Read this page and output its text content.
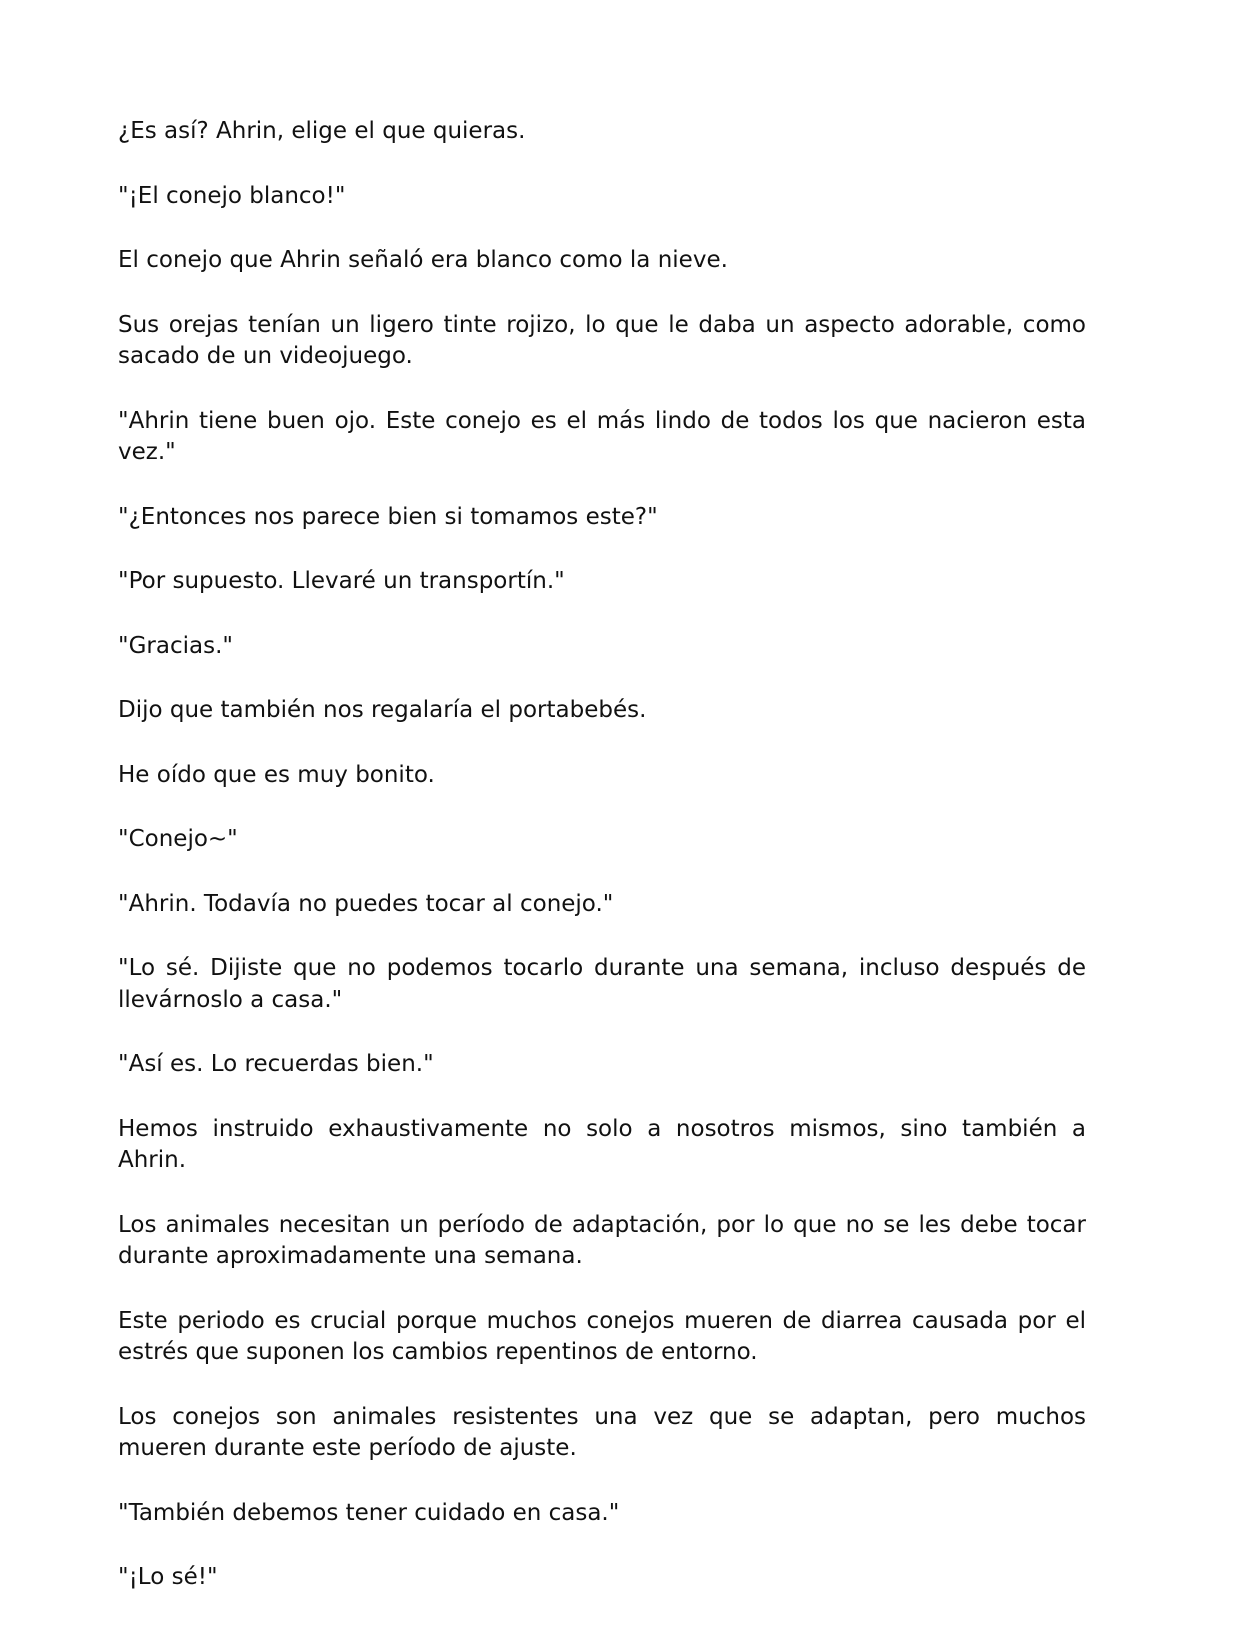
¿Es así? Ahrin, elige el que quieras.

"¡El conejo blanco!"

El conejo que Ahrin señaló era blanco como la nieve.

Sus orejas tenían un ligero tinte rojizo, lo que le daba un aspecto adorable, como sacado de un videojuego.

"Ahrin tiene buen ojo. Este conejo es el más lindo de todos los que nacieron esta vez."

"¿Entonces nos parece bien si tomamos este?"

"Por supuesto. Llevaré un transportín."

"Gracias."

Dijo que también nos regalaría el portabebés.

He oído que es muy bonito.

"Conejo~"

"Ahrin. Todavía no puedes tocar al conejo."

"Lo sé. Dijiste que no podemos tocarlo durante una semana, incluso después de llevárnoslo a casa."

"Así es. Lo recuerdas bien."

Hemos instruido exhaustivamente no solo a nosotros mismos, sino también a Ahrin.

Los animales necesitan un período de adaptación, por lo que no se les debe tocar durante aproximadamente una semana.

Este periodo es crucial porque muchos conejos mueren de diarrea causada por el estrés que suponen los cambios repentinos de entorno.

Los conejos son animales resistentes una vez que se adaptan, pero muchos mueren durante este período de ajuste.

"También debemos tener cuidado en casa."

"¡Lo sé!"
